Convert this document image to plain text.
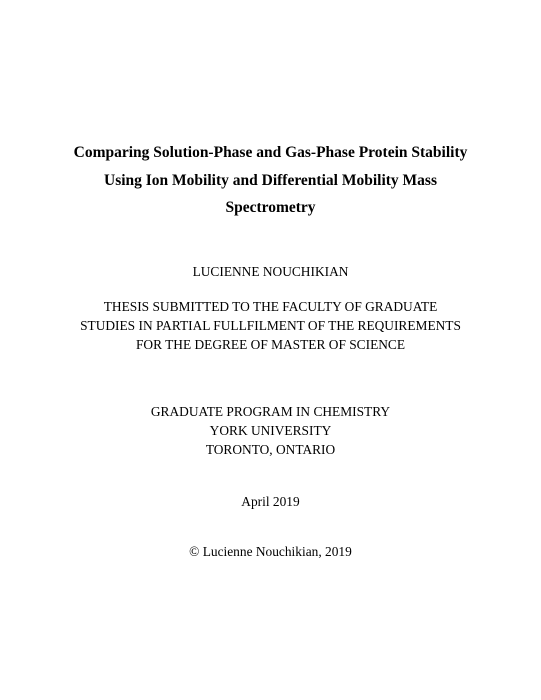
Comparing Solution-Phase and Gas-Phase Protein Stability
Using Ion Mobility and Differential Mobility Mass
Spectrometry
LUCIENNE NOUCHIKIAN
THESIS SUBMITTED TO THE FACULTY OF GRADUATE
STUDIES IN PARTIAL FULLFILMENT OF THE REQUIREMENTS
FOR THE DEGREE OF MASTER OF SCIENCE
GRADUATE PROGRAM IN CHEMISTRY
YORK UNIVERSITY
TORONTO, ONTARIO
April 2019
© Lucienne Nouchikian, 2019
